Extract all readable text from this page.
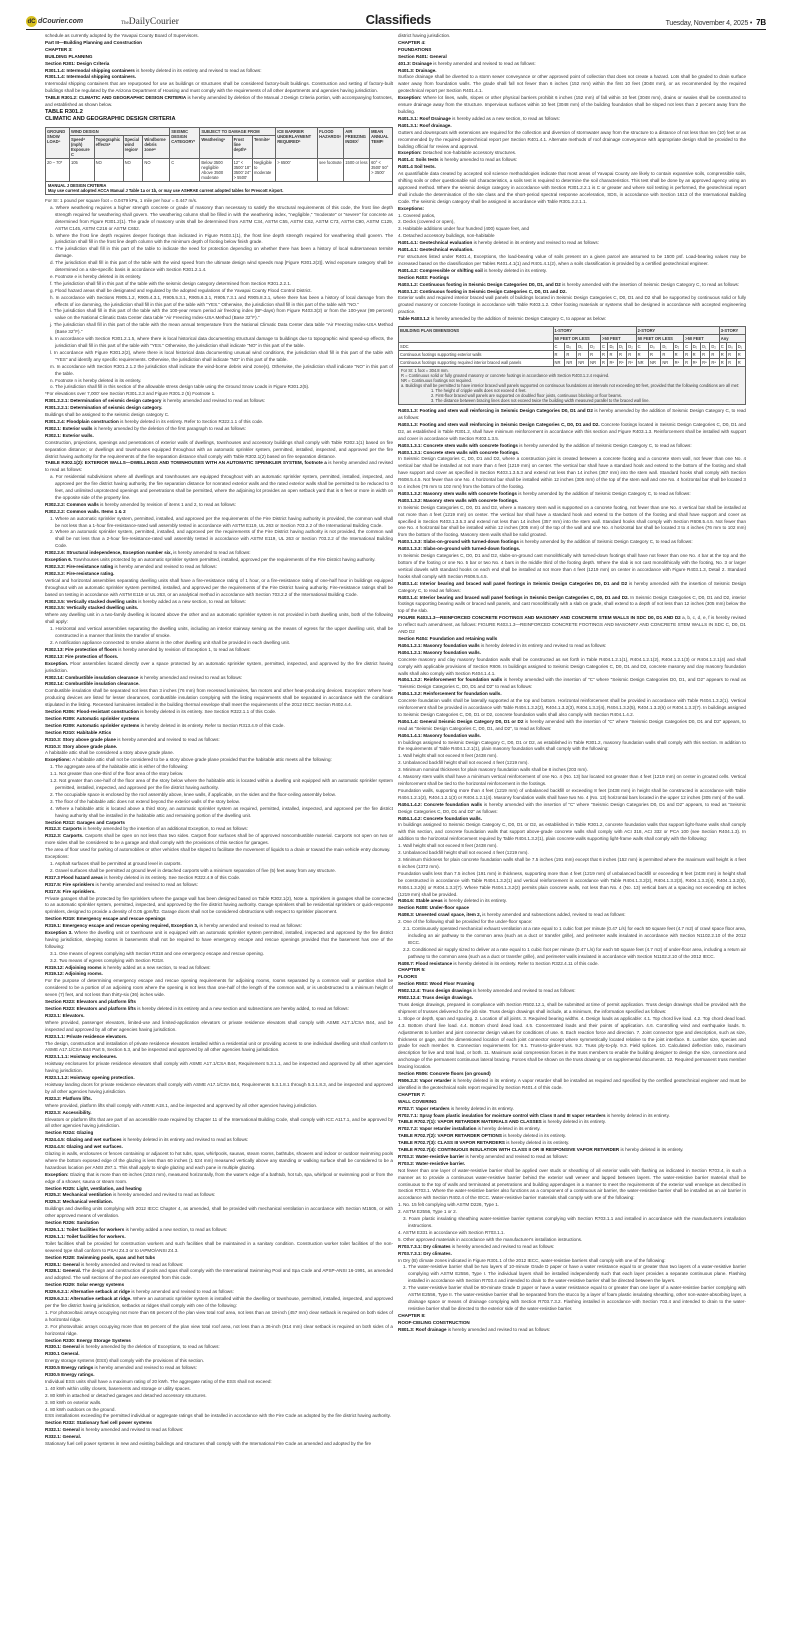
dC dCourier.com	TheDailyCourier	Classifieds	Tuesday, November 4, 2025 • 7B

schedule as currently adopted by the Yavapai County Board of Supervisors.

Part III—Building Planning and Construction

CHAPTER 3:

BUILDING PLANNING

Section R301: Design Criteria

R301.1.4: Intermodal shipping containers is hereby deleted in its entirety and revised to read as follows:

R301.1.4: Intermodal shipping containers.

Intermodal shipping containers that are repurposed for use as buildings or structures shall be considered factory-built buildings. Construction and setting of factory-built buildings shall be regulated by the Arizona Department of Housing and must comply with the requirements of all other departments and agencies having jurisdiction.

TABLE R301.2: CLIMATIC AND GEOGRAPHIC DESIGN CRITERIA is hereby amended by deletion of the Manual J Design Criteria portion, with accompanying footnotes, and established as shown below.

TABLE R301.2
CLIMATIC AND GEOGRAPHIC DESIGN CRITERIA
GROUND SNOW LOADᵒ	WIND DESIGN				SEISMIC DESIGN CATEGORYᶠ	SUBJECT TO DAMAGE FROM			ICE BARRIER UNDERLAYMENT REQUIREDʰ	FLOOD HAZARDSᵍ	AIR FREEZING INDEXⁱ	MEAN ANNUAL TEMPʲ
	Speedᵈ (mph) Exposure C	Topographic effectsᵏ	Special wind regionˡ	Windborne debris zoneᵐ		Weatheringᵃ	Frost line depthᵇ	Termiteᶜ				
20 – 70*	105	NO	NO	NO	C	Below 3500 negligible Above 3500 moderate	12" < 3500' 18" 3500' 24" > 5500'	Negligible to moderate	> 6500'	see footnote	1500 or less	60° < 3500' 50° > 3500'
MANUAL J DESIGN CRITERIA
May use current adopted ACCA Manual J Table 1a or 1b, or may use ASHRAE current adopted tables for Prescott Airport.

For SI: 1 pound per square foot = 0.0479 kPa, 1 mile per hour = 0.447 m/s.

a. Where weathering requires a higher strength concrete or grade of masonry than necessary to satisfy the structural requirements of this code, the frost line depth strength required for weathering shall govern. The weathering column shall be filled in with the weathering index, "negligible," "moderate" or "severe" for concrete as determined from Figure R301.2(1). The grade of masonry units shall be determined from ASTM C34, ASTM C55, ASTM C62, ASTM C73, ASTM C90, ASTM C129, ASTM C145, ASTM C216 or ASTM C652.

b. Where the frost line depth requires deeper footings than indicated in Figure R403.1(1), the frost line depth strength required for weathering shall govern. The jurisdiction shall fill in the frost line depth column with the minimum depth of footing below finish grade.

c. The jurisdiction shall fill in this part of the table to indicate the need for protection depending on whether there has been a history of local subterranean termite damage.

d. The jurisdiction shall fill in this part of the table with the wind speed from the ultimate design wind speeds map [Figure R301.2(2)]. Wind exposure category shall be determined on a site-specific basis in accordance with Section R301.2.1.4.

e. Footnote e is hereby deleted in its entirety.

f. The jurisdiction shall fill in this part of the table with the seismic design category determined from Section R301.2.2.1.

g. Flood hazard areas shall be designated and regulated by the adopted regulations of the Yavapai County Flood Control District.

h. In accordance with Sections R905.1.2, R905.4.3.1, R905.5.3.1, R905.6.3.1, R905.7.3.1 and R905.8.3.1, where there has been a history of local damage from the effects of ice damming, the jurisdiction shall fill in this part of the table with "YES." Otherwise, the jurisdiction shall fill in this part of the table with "NO."

i. The jurisdiction shall fill in this part of the table with the 100-year return period air freezing index (BF-days) from Figure R403.3(2) or from the 100-year (99 percent) value on the National Climatic Data Center data table "Air Freezing Index-USA Method (Base 32°F)."

j. The jurisdiction shall fill in this part of the table with the mean annual temperature from the National Climatic Data Center data table "Air Freezing Index-USA Method (Base 32°F)."

k. In accordance with Section R301.2.1.5, where there is local historical data documenting structural damage to buildings due to topographic wind speed-up effects, the jurisdiction shall fill in this part of the table with "YES." Otherwise, the jurisdiction shall indicate "NO" in this part of the table.

l. In accordance with Figure R301.2(2), where there is local historical data documenting unusual wind conditions, the jurisdiction shall fill in this part of the table with "YES" and identify any specific requirements. Otherwise, the jurisdiction shall indicate "NO" in this part of the table.

m. In accordance with Section R301.2.1.2 the jurisdiction shall indicate the wind-borne debris wind zone(s). Otherwise, the jurisdiction shall indicate "NO" in this part of the table.

n. Footnote n is hereby deleted in its entirety.

o. The jurisdiction shall fill in this section of the allowable stress design table using the Ground Snow Loads in Figure R301.2(5).

*For elevations over 7,000' see Section R301.2.3 and Figure R301.2 (5) Footnote 1.

R301.2.2.1: Determination of seismic design category is hereby amended and revised to read as follows:

R301.2.2.1: Determination of seismic design category.

Buildings shall be assigned to the seismic design category C.

R301.2.4: Floodplain construction is hereby deleted in its entirety. Refer to Section R322.1.1 of this code.

R302.1: Exterior walls is hereby amended by the deletion of the first paragraph to read as follows:

R302.1: Exterior walls.

Construction, projections, openings and penetrations of exterior walls of dwellings, townhouses and accessory buildings shall comply with Table R302.1(1) based on fire separation distance; or dwellings and townhouses equipped throughout with an automatic sprinkler system, permitted, installed, inspected, and approved per the fire district having authority for the requirements of the fire separation distance shall comply with Table R302.1(2) based on fire separation distance.

TABLE R302.1(2): EXTERIOR WALLS—DWELLINGS AND TOWNHOUSES WITH AN AUTOMATIC SPRINKLER SYSTEM, footnote a is hereby amended and revised to read as follows:

a. For residential subdivisions where all dwellings and townhouses are equipped throughout with an automatic sprinkler system, permitted, installed, inspected, and approved per the fire district having authority, the fire separation distance for nonrated exterior walls and the rated exterior walls shall be permitted to be reduced to 0 feet, and unlimited unprotected openings and penetrations shall be permitted, where the adjoining lot provides an open setback yard that is 6 feet or more in width on the opposite side of the property line.

R302.2.2: Common walls is hereby amended by revision of items 1 and 2, to read as follows:

R302.2.2: Common walls. Items 1 & 2

1. Where an automatic sprinkler system, permitted, installed, and approved per the requirements of the Fire District having authority is provided, the common wall shall be not less than a 1-hour fire-resistance-rated wall assembly tested in accordance with ASTM E119, UL 263 or Section 703.2.2 of the International Building Code.

2. Where an automatic sprinkler system, permitted, installed, and approved per the requirements of the Fire District having authority is not provided, the common wall shall be not less than a 2-hour fire-resistance-rated wall assembly tested in accordance with ASTM E119, UL 263 or Section 703.2.2 of the International Building Code.

R302.2.6: Structural independence, Exception number six, is hereby amended to read as follows:

Exception 6. Townhouses units protected by an automatic sprinkler system permitted, installed, approved per the requirements of the Fire District having authority.

R302.3.2: Fire-resistance rating is hereby amended and revised to read as follows:

R302.3.2: Fire-resistance rating.

Vertical and horizontal assemblies separating dwelling units shall have a fire-resistance rating of 1 hour, or a fire-resistance rating of one-half hour in buildings equipped throughout with an automatic sprinkler system permitted, installed, and approved per the requirements of the Fire District having authority. Fire-resistance ratings shall be based on testing in accordance with ASTM E119 or UL 263, or an analytical method in accordance with Section 703.2.2 of the International Building Code.

R302.3.5: Vertically stacked dwelling units is hereby added as a new section, to read as follows:

R302.3.5: Vertically stacked dwelling units.

Where any dwelling unit in a two-family dwelling is located above the other and an automatic sprinkler system is not provided in both dwelling units, both of the following shall apply:

1. Horizontal and vertical assemblies separating the dwelling units, including an interior stairway serving as the means of egress for the upper dwelling unit, shall be constructed in a manner that limits the transfer of smoke.

2. A notification appliance connected to smoke alarms in the other dwelling unit shall be provided in each dwelling unit.

R302.13: Fire protection of floors is hereby amended by revision of Exception 1, to read as follows:

R302.13: Fire protection of floors.

Exception. Floor assemblies located directly over a space protected by an automatic sprinkler system, permitted, inspected, and approved by the fire district having jurisdiction.

R302.14: Combustible insulation clearance is hereby amended and revised to read as follows:

R302.14: Combustible insulation clearance.

Combustible insulation shall be separated not less than 3 inches (76 mm) from recessed luminaires, fan motors and other heat-producing devices. Exception: Where heat-producing devices are listed for lesser clearances, combustible insulation complying with the listing requirements shall be separated in accordance with the conditions stipulated in the listing. Recessed luminaires installed in the building thermal envelope shall meet the requirements of the 2012 IECC Section R402.4.4.

Section R306: Flood-resistant construction is hereby deleted in its entirety. See Section R322.1.1 of this Code.

Section R309: Automatic sprinkler systems

Section R309: Automatic sprinkler systems is hereby deleted in its entirety. Refer to Section R313.4.9 of this Code.

Section R310: Habitable Attics

R310.3: Story above grade plane is hereby amended and revised to read as follows:

R310.3: Story above grade plane.

A habitable attic shall be considered a story above grade plane.

Exceptions: A habitable attic shall not be considered to be a story above grade plane provided that the habitable attic meets all the following:

1. The aggregate area of the habitable attic is either of the following:

1.1. Not greater than one-third of the floor area of the story below.

1.2. Not greater than one-half of the floor area of the story below where the habitable attic is located within a dwelling unit equipped with an automatic sprinkler system permitted, installed, inspected, and approved per the fire district having authority.

2. The occupiable space is enclosed by the roof assembly above, knee walls, if applicable, on the sides and the floor-ceiling assembly below.

3. The floor of the habitable attic does not extend beyond the exterior walls of the story below.

4. Where a habitable attic is located above a third story, an automatic sprinkler system as required, permitted, installed, inspected, and approved per the fire district having authority shall be installed in the habitable attic and remaining portion of the dwelling unit.

Section R312: Garages and Carports

R312.3: Carports is hereby amended by the insertion of an additional Exception, to read as follows:

R312.3: Carports. Carports shall be open on not less than two sides. Carport floor surfaces shall be of approved noncombustible material. Carports not open on two or more sides shall be considered to be a garage and shall comply with the provisions of this section for garages.

The area of floor used for parking of automobiles or other vehicles shall be sloped to facilitate the movement of liquids to a drain or toward the main vehicle entry doorway.

Exceptions:

1. Asphalt surfaces shall be permitted at ground level in carports.

2. Gravel surfaces shall be permitted at ground level in detached carports with a minimum separation of five (5) feet away from any structure.

R317.3 Flood hazard areas is hereby deleted in its entirety. See Section R322.4.9 of this Code.

R317.5: Fire sprinklers is hereby amended and revised to read as follows:

R317.5: Fire sprinklers.

Private garages shall be protected by fire sprinklers where the garage wall has been designed based on Table R302.1(2), Note a. Sprinklers in garages shall be connected to an automatic sprinkler system, permitted, inspected, and approved by the fire district having authority. Garage sprinklers shall be residential sprinklers or quick-response sprinklers, designed to provide a density of 0.05 gpm/ft2. Garage doors shall not be considered obstructions with respect to sprinkler placement.

Section R319: Emergency escape and rescue openings

R319.1: Emergency escape and rescue opening required, Exception 3, is hereby amended and revised to read as follows:

Exception 3. Where the dwelling unit or townhouse unit is equipped with an automatic sprinkler system permitted, installed, inspected and approved by the fire district having jurisdiction, sleeping rooms in basements shall not be required to have emergency escape and rescue openings provided that the basement has one of the following:

3.1. One means of egress complying with Section R318 and one emergency escape and rescue opening.

3.2. Two means of egress complying with Section R318.

R319.12: Adjoining rooms is hereby added as a new section, to read as follows:

R319.12: Adjoining rooms.

For the purpose of determining emergency escape and rescue opening requirements for adjoining rooms, rooms separated by a common wall or partition shall be considered to be a portion of an adjoining room where the opening is not less than one-half of the length of the common wall, or is unobstructed to a minimum height of seven (7) feet, and not less than thirty-six (36) inches wide.

Section R323: Elevators and platform lifts

Section R323: Elevators and platform lifts is hereby deleted in its entirety and a new section and subsections are hereby added, to read as follows:

R323.1: Elevators.

Where provided, passenger elevators, limited-use and limited-application elevators or private residence elevators shall comply with ASME A17.1/CSA B44, and be inspected and approved by all other agencies having jurisdiction.

R323.1.1: Private residence elevators.

The design, construction and installation of private residence elevators installed within a residential unit or providing access to one individual dwelling unit shall conform to ASME A17.1/CSA B44 Part 5, Section 5.3, and be inspected and approved by all other agencies having jurisdiction.

R323.1.1.1: Hoistway enclosures.

Hoistway enclosures for private residence elevators shall comply with ASME A17.1/CSA B44, Requirement 5.3.1.1, and be inspected and approved by all other agencies having jurisdiction.

R323.1.1.2: Hoistway opening protection.

Hoistway landing doors for private residence elevators shall comply with ASME A17.1/CSA B44, Requirements 5.3.1.8.1 through 5.3.1.8.3, and be inspected and approved by all other agencies having jurisdiction.

R323.2: Platform lifts.

Where provided, platform lifts shall comply with ASME A18.1, and be inspected and approved by all other agencies having jurisdiction.

R323.3: Accessibility.

Elevators or platform lifts that are part of an accessible route required by Chapter 11 of the International Building Code, shall comply with ICC A117.1, and be approved by all other agencies having jurisdiction.

Section R324: Glazing

R324.4.5: Glazing and wet surfaces is hereby deleted in its entirety and revised to read as follows:

R324.4.5: Glazing and wet surfaces.

Glazing in walls, enclosures or fences containing or adjacent to hot tubs, spas, whirlpools, saunas, steam rooms, bathtubs, showers and indoor or outdoor swimming pools where the bottom exposed edge of the glazing is less than 60 inches (1 524 mm) measured vertically above any standing or walking surface shall be considered to be a hazardous location per ANSI Z97.1. This shall apply to single glazing and each pane in multiple glazing.

Exception: Glazing that is more than 60 inches (1524 mm), measured horizontally, from the water's edge of a bathtub, hot tub, spa, whirlpool or swimming pool or from the edge of a shower, sauna or steam room.

Section R325: Light, ventilation, and heating

R325.2: Mechanical ventilation is hereby amended and revised to read as follows:

R325.2: Mechanical ventilation.

Buildings and dwelling units complying with 2012 IECC Chapter 4, as amended, shall be provided with mechanical ventilation in accordance with Section M1505, or with other approved means of ventilation.

Section R326: Sanitation

R326.1.1: Toilet facilities for workers is hereby added a new section, to read as follows:

R326.1.1: Toilet facilities for workers.

Toilet facilities shall be provided for construction workers and such facilities shall be maintained in a sanitary condition. Construction worker toilet facilities of the non-sewered type shall conform to PSAI Z4.3 or to IAPMO/ANSI Z4.3.

Section R328: Swimming pools, spas and hot tubs

R328.1: General is hereby amended and revised to read as follows:

R328.1: General. The design and construction of pools and spas shall comply with the International Swimming Pool and Spa Code and APSP-ANSI 16-1991, as amended and adopted. The wall sections of the pool are exempted from this code.

Section R329: Solar energy systems

R329.6.2.1: Alternative setback at ridge is hereby amended and revised to read as follows:

R329.6.2.1: Alternative setback at ridge. Where an automatic sprinkler system is installed within the dwelling or townhouse, permitted, installed, inspected, and approved per the fire district having jurisdiction, setbacks at ridges shall comply with one of the following:

1. For photovoltaic arrays occupying not more than 66 percent of the plan view total roof area, not less than an 18-inch (457 mm) clear setback is required on both sides of a horizontal ridge.

2. For photovoltaic arrays occupying more than 66 percent of the plan view total roof area, not less than a 36-inch (914 mm) clear setback is required on both sides of a horizontal ridge.

Section R330: Energy Storage Systems

R330.1: General is hereby amended by the deletion of Exceptions, to read as follows:

R330.1 General.

Energy storage systems (ESS) shall comply with the provisions of this section.

R330.5 Energy ratings is hereby amended and revised to read as follows:

R330.5 Energy ratings.

Individual ESS units shall have a maximum rating of 20 kWh. The aggregate rating of the ESS shall not exceed:

1. 40 kWh within utility closets, basements and storage or utility spaces.

2. 80 kWh in attached or detached garages and detached accessory structures.

3. 80 kWh on exterior walls.

4. 80 kWh outdoors on the ground.

ESS installations exceeding the permitted individual or aggregate ratings shall be installed in accordance with the Fire Code as adopted by the fire district having authority.

Section R332: Stationary fuel cell power systems

R332.1: General is hereby amended and revised to read as follows:

R332.1: General.

Stationary fuel cell power systems in new and existing buildings and structures shall comply with the International Fire Code as amended and adopted by the fire

district having jurisdiction.

CHAPTER 4:

FOUNDATIONS

Section R401: General

401.3: Drainage is hereby amended and revised to read as follows:

R401.3: Drainage.

Surface drainage shall be diverted to a storm sewer conveyance or other approved point of collection that does not create a hazard. Lots shall be graded to drain surface water away from foundation walls. The grade shall fall not fewer than 6 inches (152 mm) within the first 10 feet (3048 mm), or as recommended by the required geotechnical report per Section R401.4.1.

Exception: Where lot lines, walls, slopes or other physical barriers prohibit 6 inches (152 mm) of fall within 10 feet (3048 mm), drains or swales shall be constructed to ensure drainage away from the structure. Impervious surfaces within 10 feet (3048 mm) of the building foundation shall be sloped not less than 2 percent away from the building.

R401.3.1: Roof Drainage is hereby added as a new section, to read as follows:

R401.3.1: Roof drainage.

Gutters and downspouts with extensions are required for the collection and diversion of stormwater away from the structure to a distance of not less than ten (10) feet or as recommended by the required geotechnical report per Section R401.4.1. Alternate methods of roof drainage conveyance with appropriate design shall be provided to the building official for review and approval.

Exception: Detached non-habitable accessory structures.

R401.4: Soils tests is hereby amended to read as follows:

R401.4 Soil tests.

As quantifiable data created by accepted soil science methodologies indicate that most areas of Yavapai County are likely to contain expansive soils, compressible soils, shifting soils or other questionable soil characteristics, a soils test is required to determine the soil characteristics. This test shall be done by an approved agency using an approved method. Where the seismic design category in accordance with Section R301.2.2.1 is C or greater and where soil testing is performed, the geotechnical report shall include the determination of the site class and the short-period spectral response acceleration, SDS, in accordance with Section 1613 of the International Building Code. The seismic design category shall be assigned in accordance with Table R301.2.2.1.1.

Exceptions:

1. Covered patios,

2. Decks (covered or open),

3. Habitable additions under four hundred (400) square feet, and

4. Detached accessory buildings, non-habitable

R401.4.1: Geotechnical evaluation is hereby deleted in its entirety and revised to read as follows:

R401.4.1: Geotechnical evaluation.

For structures listed under R401.4, Exceptions, the load-bearing value of soils present on a given parcel are assumed to be 1500 psf. Load-bearing values may be increased based on the classification per Tables R401.4.1(1) and R401.4.1(2), when a soils classification is provided by a certified geotechnical engineer.

R401.4.2: Compressible or shifting soil is hereby deleted in its entirety.

Section R403: Footings

R403.1.2: Continuous footing in Seismic Design Categories D0, D1, and D2 is hereby amended with the insertion of Seismic Design Category C, to read as follows:

R403.1.2: Continuous footing in Seismic Design Categories C, D0, D1 and D2.

Exterior walls and required interior braced wall panels of buildings located in Seismic Design Categories C, D0, D1 and D2 shall be supported by continuous solid or fully grouted masonry or concrete footings in accordance with Table R403.1.2. Other footing materials or systems shall be designed in accordance with accepted engineering practice.

Table R403.1.2 is hereby amended by the addition of Seismic Design Category C, to appear as below:

BUILDING PLAN DIMENSIONS	1-STORY								2-STORY								3-STORY		
	50 FEET OR LESS				>50 FEET				50 FEET OR LESS				>50 FEET				Any		
SDC	C	D₀	D₁	D₂	C	D₀	D₁	D₂	C	D₀	D₁	D₂	C	D₀	D₁	D₂	C	D₀	D₁
Continuous footings supporting exterior walls	R	R	R	R	R	R	R	R	R	R	R	R	R	R	R	R	R	R	R
Continuous footings supporting required interior braced wall panels	NR	NR	NR	NR	R	Rᵃ	Rᵃ	Rᵃ	NR	NR	NR	Rᵃ	R	Rᵃ	Rᵃ	Rᵃ	R	R	R
For SI: 1 foot = 304.8 mm.
R = Continuous solid or fully grouted masonry or concrete footings in accordance with Section R403.1.2.4 required.
NR = Continuous footings not required.
a. Buildings shall be permitted to have interior braced wall panels supported on continuous foundations at intervals not exceeding 50 feet, provided that the following conditions are all met:
1. The height of cripple walls does not exceed 4 feet.
2. First-floor braced wall panels are supported on doubled floor joists, continuous blocking or floor beams.
3. The distance between bracing lines does not exceed twice the building width measured parallel to the braced wall line.

R403.1.3: Footing and stem wall reinforcing in Seismic Design Categories D0, D1 and D2 is hereby amended by the addition of Seismic Design Category C, to read as follows:

R403.1.3: Footing and stem wall reinforcing in Seismic Design Categories C, D0, D1 and D2. Concrete footings located in Seismic Design Categories C, D0, D1 and D2, as established in Table R301.2, shall have minimum reinforcement in accordance with this section and Figure R403.1.3. Reinforcement shall be installed with support and cover in accordance with Section R403.1.3.5.

R403.1.3.1: Concrete stem walls with concrete footings is hereby amended by the addition of Seismic Design Category C, to read as follows:

R403.1.3.1: Concrete stem walls with concrete footings.

In Seismic Design Categories C, D0, D1 and D2, where a construction joint is created between a concrete footing and a concrete stem wall, not fewer than one No. 4 vertical bar shall be installed at not more than 4 feet (1219 mm) on center. The vertical bar shall have a standard hook and extend to the bottom of the footing and shall have support and cover as specified in Section R403.1.3.5.3 and extend not less than 14 inches (357 mm) into the stem wall. Standard hooks shall comply with Section R608.5.4.5. Not fewer than one No. 4 horizontal bar shall be installed within 12 inches (305 mm) of the top of the stem wall and one No. 4 horizontal bar shall be located 3 to 4 inches (76 mm to 102 mm) from the bottom of the footing.

R403.1.3.2: Masonry stem walls with concrete footings is hereby amended by the addition of Seismic Design Category C, to read as follows:

R403.1.3.2: Masonry stem walls with concrete footings.

In Seismic Design Categories C, D0, D1 and D2, where a masonry stem wall is supported on a concrete footing, not fewer than one No. 4 vertical bar shall be installed at not more than 4 feet (1219 mm) on center. The vertical bar shall have a standard hook and extend to the bottom of the footing and shall have support and cover as specified in Section R403.1.3.5.3 and extend not less than 14 inches (357 mm) into the stem wall. Standard hooks shall comply with Section R608.5.4.5. Not fewer than one No. 4 horizontal bar shall be installed within 12 inches (305 mm) of the top of the wall and one No. 4 horizontal bar shall be located 3 to 4 inches (76 mm to 102 mm) from the bottom of the footing. Masonry stem walls shall be solid grouted.

R403.1.3.3: Slabs-on-ground with turned-down footings is hereby amended by the addition of Seismic Design Category C, to read as follows:

R403.1.3.3: Slabs-on-ground with turned-down footings.

In Seismic Design Categories C, D0, D1 and D2, slabs-on-ground cast monolithically with turned-down footings shall have not fewer than one No. 4 bar at the top and the bottom of the footing or one No. 5 bar or two No. 4 bars in the middle third of the footing depth. Where the slab is not cast monolithically with the footing, No. 3 or larger vertical dowels with standard hooks on each end shall be installed at not more than 4 feet (1219 mm) on center in accordance with Figure R403.1.3, Detail 2. Standard hooks shall comply with Section R608.5.4.5.

R403.1.4: Interior bearing and braced wall panel footings in Seismic Design Categories D0, D1 and D2 is hereby amended with the insertion of Seismic Design Category C, to read as follows:

R403.1.4: Interior bearing and braced wall panel footings in Seismic Design Categories C, D0, D1 and D2. In Seismic Design Categories C, D0, D1 and D2, interior footings supporting bearing walls or braced wall panels, and cast monolithically with a slab on grade, shall extend to a depth of not less than 12 inches (305 mm) below the top of the slab.

FIGURE R403.1.3—REINFORCED CONCRETE FOOTINGS AND MASONRY AND CONCRETE STEM WALLS IN SDC D0, D1 AND D2 a, b, c, d, e, f is hereby revised to reflect such amendment, as follows: FIGURE R403.1.3—REINFORCED CONCRETE FOOTINGS AND MASONRY AND CONCRETE STEM WALLS IN SDC C, D0, D1 AND D2

Section R404: Foundation and retaining walls

R404.1.2.1: Masonry foundation walls is hereby deleted in its entirety and revised to read as follows:

R404.1.2.1: Masonry foundation walls.

Concrete masonry and clay masonry foundation walls shall be constructed as set forth in Table R404.1.2.1(1), R404.1.2.1(2), R404.1.2.1(3) or R404.1.2.1(4) and shall comply with applicable provisions of Section R606. In buildings assigned to Seismic Design Categories C, D0, D1 and D2, concrete masonry and clay masonry foundation walls shall also comply with Section R404.1.4.1.

R404.1.3.2: Reinforcement for foundation walls is hereby amended with the insertion of "C" where "Seismic Design Categories D0, D1, and D2" appears to read as "Seismic Design Categories C, D0, D1 and D2" to read as follows:

R404.1.3.2: Reinforcement for foundation walls.

Concrete foundation walls shall be laterally supported at the top and bottom. Horizontal reinforcement shall be provided in accordance with Table R404.1.3.2(1). Vertical reinforcement shall be provided in accordance with Table R404.1.3.2(2), R404.1.3.2(3), R404.1.3.2(4), R404.1.3.2(5), R404.1.3.2(6) or R404.1.3.2(7). In buildings assigned to Seismic Design Categories C, D0, D1 or D2, concrete foundation walls shall also comply with Section R404.1.4.2.

R404.1.4: General Seismic Design Category D0, D1 or D2 is hereby amended with the insertion of "C" where "Seismic Design Categories D0, D1 and D2" appears, to read as "Seismic Design Categories C, D0, D1, and D2", to read as follows:

R404.1.4.1: Masonry foundation walls.

In buildings assigned to Seismic Design Category C, D0, D1 or D2, as established in Table R301.2, masonry foundation walls shall comply with this section. In addition to the requirements of Table R404.1.2.1(1), plain masonry foundation walls shall comply with the following:

1. Wall height shall not exceed 8 feet (2438 mm).

2. Unbalanced backfill height shall not exceed 4 feet (1219 mm).

3. Minimum nominal thickness for plain masonry foundation walls shall be 8 inches (203 mm).

4. Masonry stem walls shall have a minimum vertical reinforcement of one No. 4 (No. 13) bar located not greater than 4 feet (1219 mm) on center in grouted cells. Vertical reinforcement shall be tied to the horizontal reinforcement in the footings.

Foundation walls, supporting more than 4 feet (1219 mm) of unbalanced backfill or exceeding 8 feet (2438 mm) in height shall be constructed in accordance with Table R404.1.2.1(2), R404.1.2.1(3) or R404.1.2.1(4). Masonry foundation walls shall have two No. 4 (No. 13) horizontal bars located in the upper 12 inches (305 mm) of the wall.

R404.1.4.2: Concrete foundation walls is hereby amended with the insertion of "C" where "Seismic Design Categories D0, D1 and D2" appears, to read as "Seismic Design Categories C, D0, D1 and D2" as follows:

R404.1.4.2: Concrete foundation walls.

In buildings assigned to Seismic Design Category C, D0, D1 or D2, as established in Table R301.2, concrete foundation walls that support light-frame walls shall comply with this section, and concrete foundation walls that support above-grade concrete walls shall comply with ACI 318, ACI 332 or PCA 100 (see Section R404.1.3). In addition to the horizontal reinforcement required by Table R404.1.3.2(1), plain concrete walls supporting light-frame walls shall comply with the following:

1. Wall height shall not exceed 8 feet (2438 mm).

2. Unbalanced backfill height shall not exceed 4 feet (1219 mm).

3. Minimum thickness for plain concrete foundation walls shall be 7.5 inches (191 mm) except that 6 inches (152 mm) is permitted where the maximum wall height is 4 feet 6 inches (1372 mm).

Foundation walls less than 7.5 inches (191 mm) in thickness, supporting more than 4 feet (1219 mm) of unbalanced backfill or exceeding 8 feet (2438 mm) in height shall be constructed in accordance with Table R404.1.3.2(1) and vertical reinforcement in accordance with Table R404.1.3.2(2), R404.1.3.2(3), R404.1.3.2(4), R404.1.3.2(5), R404.1.3.2(6) or R404.1.3.2(7). Where Table R404.1.3.2(2) permits plain concrete walls, not less than No. 4 (No. 13) vertical bars at a spacing not exceeding 48 inches (1219 mm) shall be provided.

R404.6: Stable areas is hereby deleted in its entirety.

Section R408: Under-floor space

R408.3: Unvented crawl space, item 2, is hereby amended and subsections added, revised to read as follows:

2. One of the following shall be provided for the under-floor space:

2.1. Continuously operated mechanical exhaust ventilation at a rate equal to 1 cubic foot per minute (0.47 L/s) for each 50 square feet (4.7 m2) of crawl space floor area, including an air pathway to the common area (such as a duct or transfer grille), and perimeter walls insulated in accordance with Section N1102.2.10 of the 2012 IECC.

2.2. Conditioned air supply sized to deliver at a rate equal to 1 cubic foot per minute (0.47 L/s) for each 50 square feet (4.7 m2) of under-floor area, including a return air pathway to the common area (such as a duct or transfer grille), and perimeter walls insulated in accordance with Section N1102.2.10 of the 2012 IECC.

R408.7: Flood resistance is hereby deleted in its entirety. Refer to Section R322.4.11 of this code.

CHAPTER 5:

FLOORS

Section R502: Wood Floor Framing

R502.12.4: Truss design drawings is hereby amended and revised to read as follows:

R502.12.4: Truss design drawings.

Truss design drawings, prepared in compliance with Section R502.12.1, shall be submitted at time of permit application. Truss design drawings shall be provided with the shipment of trusses delivered to the job site. Truss design drawings shall include, at a minimum, the information specified as follows:

1. Slope or depth, span and spacing. 2. Location of all joints. 3. Required bearing widths. 4. Design loads as applicable: 4.1. Top chord live load. 4.2. Top chord dead load. 4.3. Bottom chord live load. 4.4. Bottom chord dead load. 4.5. Concentrated loads and their points of application. 4.6. Controlling wind and earthquake loads. 5. Adjustments to lumber and joint connector design values for conditions of use. 6. Each reaction force and direction. 7. Joint connector type and description, such as size, thickness or gage, and the dimensioned location of each joint connector except where symmetrically located relative to the joint interface. 8. Lumber size, species and grade for each member. 9. Connection requirements for: 9.1. Truss-to-girder-truss. 9.2. Truss ply-to-ply. 9.3. Field splices. 10. Calculated deflection ratio, maximum description for live and total load, or both. 11. Maximum axial compression forces in the truss members to enable the building designer to design the size, connections and anchorage of the permanent continuous lateral bracing. Forces shall be shown on the truss drawing or on supplemental documents. 12. Required permanent truss member bracing location.

Section R506: Concrete floors (on ground)

R506.2.3: Vapor retarder is hereby deleted in its entirety. A vapor retarder shall be installed as required and specified by the certified geotechnical engineer and must be identified in the geotechnical soils report required by Section R401.4 of this code.

CHAPTER 7:

WALL COVERING

R702.7: Vapor retarders is hereby deleted in its entirety.

R702.7.1: Spray foam plastic insulation for moisture control with Class II and III vapor retarders is hereby deleted in its entirety.

TABLE R702.7(1): VAPOR RETARDER MATERIALS AND CLASSES is hereby deleted in its entirety.

R702.7.2: Vapor retarder installation is hereby deleted in its entirety.

TABLE R702.7(2): VAPOR RETARDER OPTIONS is hereby deleted in its entirety.

TABLE R702.7(3): CLASS III VAPOR RETARDERS is hereby deleted in its entirety.

TABLE R702.7(4): CONTINUOUS INSULATION WITH CLASS II OR III RESPONSIVE VAPOR RETARDER is hereby deleted in its entirety.

R703.2: Water-resistive barrier is hereby amended and revised to read as follows:

R703.2: Water-resistive barrier.

Not fewer than one layer of water-resistive barrier shall be applied over studs or sheathing of all exterior walls with flashing as indicated in Section R703.4, in such a manner as to provide a continuous water-resistive barrier behind the exterior wall veneer and lapped between layers. The water-resistive barrier material shall be continuous to the top of walls and terminated at penetrations and building appendages in a manner to meet the requirements of the exterior wall envelope as described in Section R703.1. Where the water-resistive barrier also functions as a component of a continuous air barrier, the water-resistive barrier shall be installed as an air barrier in accordance with Section R402.4 of the IECC. Water-resistive barrier materials shall comply with one of the following:

1. No. 15 felt complying with ASTM D226, Type 1.

2. ASTM E2556, Type 1 or 2.

3. Foam plastic insulating sheathing water-resistive barrier systems complying with Section R703.1.1 and installed in accordance with the manufacturer's installation instructions.

4. ASTM E331 in accordance with Section R703.1.1.

5. Other approved materials in accordance with the manufacturer's installation instructions.

R703.7.3.1: Dry climates is hereby amended and revised to read as follows:

R703.7.3.1: Dry climates.

In Dry (B) climate zones indicated in Figure R301.1 of the 2012 IECC, water-resistive barriers shall comply with one of the following:

1. The water-resistive barrier shall be two layers of 10-minute Grade D paper or have a water resistance equal to or greater than two layers of a water-resistive barrier complying with ASTM E2556, Type I. The individual layers shall be installed independently such that each layer provides a separate continuous plane. Flashing installed in accordance with Section R703.4 and intended to drain to the water-resistive barrier shall be directed between the layers.

2. The water-resistive barrier shall be 60-minute Grade D paper or have a water resistance equal to or greater than one layer of a water-resistive barrier complying with ASTM E2556, Type II. The water-resistive barrier shall be separated from the stucco by a layer of foam plastic insulating sheathing, other non-water-absorbing layer, a drainage space or means of drainage complying with Section R703.7.3.2. Flashing installed in accordance with Section 703.4 and intended to drain to the water-resistive barrier shall be directed to the exterior side of the water-resistive barrier.

CHAPTER 8:

ROOF-CEILING CONSTRUCTION

R801.3: Roof drainage is hereby amended and revised to read as follows:
